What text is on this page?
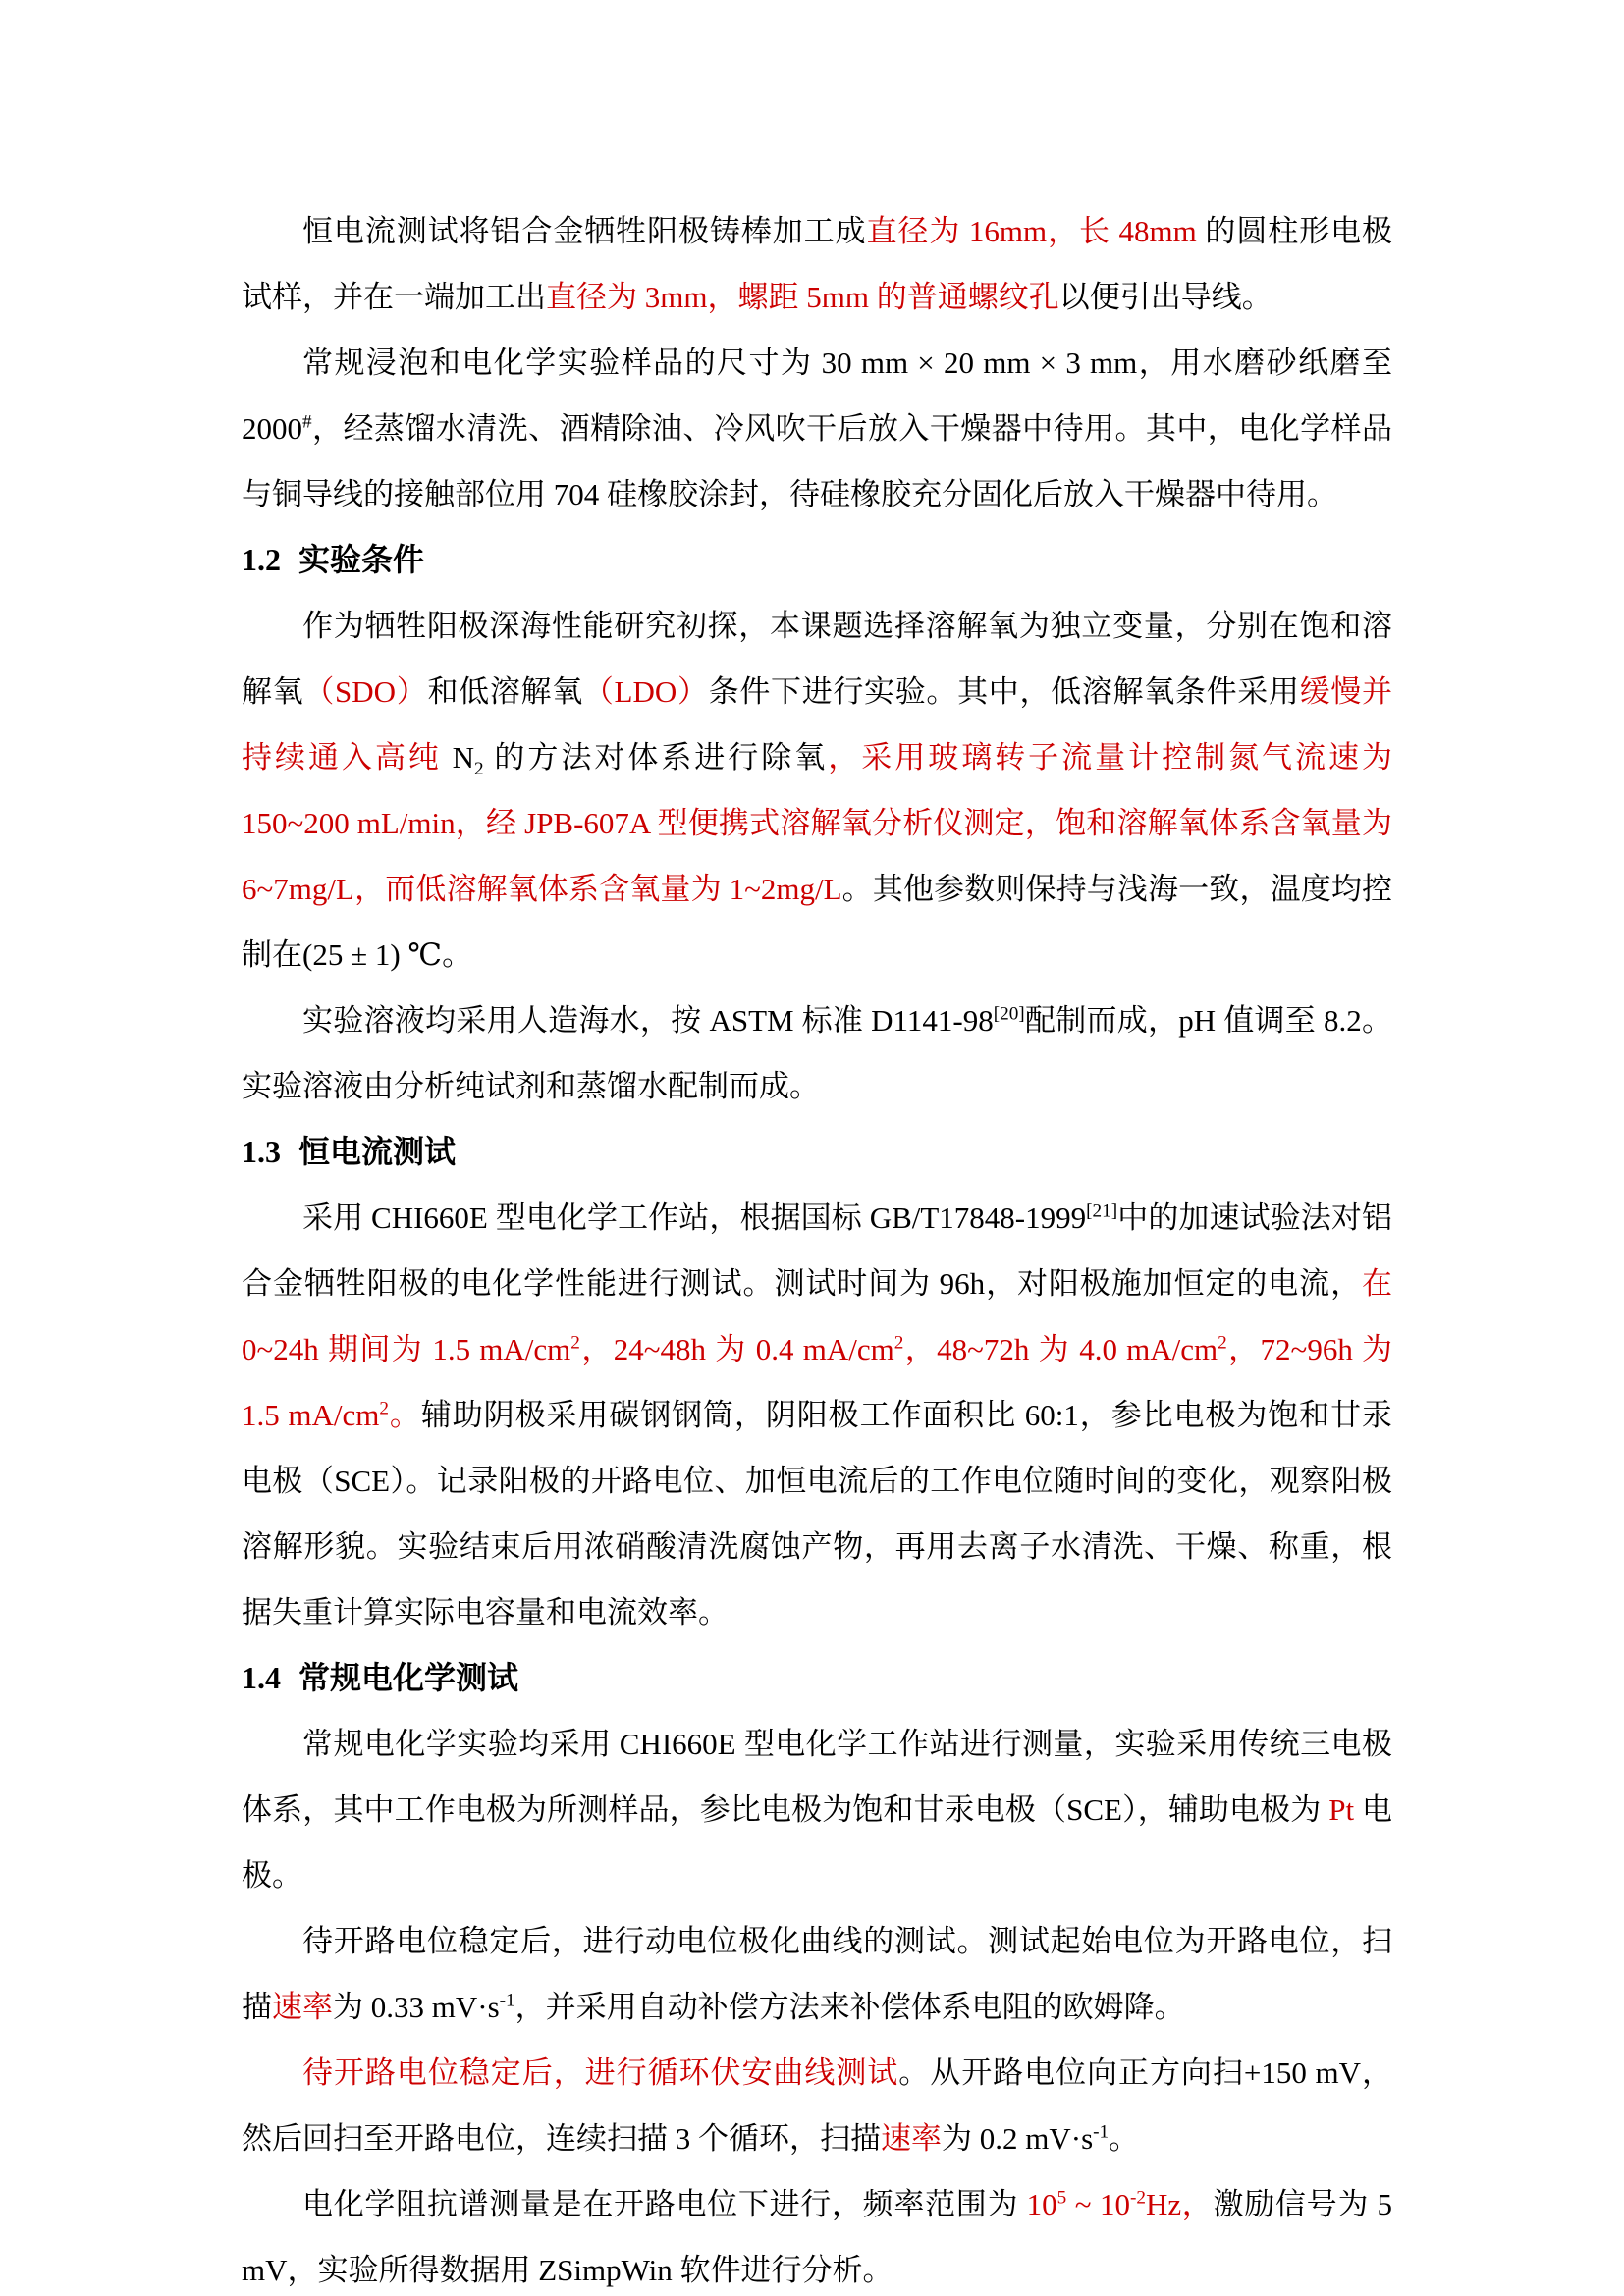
恒电流测试将铝合金牺牲阳极铸棒加工成直径为 16mm，长 48mm 的圆柱形电极试样，并在一端加工出直径为 3mm，螺距 5mm 的普通螺纹孔以便引出导线。

常规浸泡和电化学实验样品的尺寸为 30 mm × 20 mm × 3 mm，用水磨砂纸磨至 2000#，经蒸馏水清洗、酒精除油、冷风吹干后放入干燥器中待用。其中，电化学样品与铜导线的接触部位用 704 硅橡胶涂封，待硅橡胶充分固化后放入干燥器中待用。

1.2 实验条件

作为牺牲阳极深海性能研究初探，本课题选择溶解氧为独立变量，分别在饱和溶解氧（SDO）和低溶解氧（LDO）条件下进行实验。其中，低溶解氧条件采用缓慢并持续通入高纯 $N_2$ 的方法对体系进行除氧，采用玻璃转子流量计控制氮气流速为 150~200 mL/min，经 JPB-607A 型便携式溶解氧分析仪测定，饱和溶解氧体系含氧量为 6~7mg/L，而低溶解氧体系含氧量为 1~2mg/L。其他参数则保持与浅海一致，温度均控制在(25 ± 1) ℃。

实验溶液均采用人造海水，按 ASTM 标准 D1141-98[20]配制而成，pH 值调至 8.2。实验溶液由分析纯试剂和蒸馏水配制而成。

1.3 恒电流测试

采用 CHI660E 型电化学工作站，根据国标 GB/T17848-1999[21]中的加速试验法对铝合金牺牲阳极的电化学性能进行测试。测试时间为 96h，对阳极施加恒定的电流，在 0~24h 期间为 1.5 $mA/cm^2$，24~48h 为 0.4 $mA/cm^2$，48~72h 为 4.0 $mA/cm^2$，72~96h 为 1.5 $mA/cm^2$。辅助阴极采用碳钢钢筒，阴阳极工作面积比 60:1，参比电极为饱和甘汞电极（SCE）。记录阳极的开路电位、加恒电流后的工作电位随时间的变化，观察阳极溶解形貌。实验结束后用浓硝酸清洗腐蚀产物，再用去离子水清洗、干燥、称重，根据失重计算实际电容量和电流效率。

1.4 常规电化学测试

常规电化学实验均采用 CHI660E 型电化学工作站进行测量，实验采用传统三电极体系，其中工作电极为所测样品，参比电极为饱和甘汞电极（SCE），辅助电极为 Pt 电极。

待开路电位稳定后，进行动电位极化曲线的测试。测试起始电位为开路电位，扫描速率为 0.33 $mV\cdot s^{-1}$，并采用自动补偿方法来补偿体系电阻的欧姆降。

待开路电位稳定后，进行循环伏安曲线测试。从开路电位向正方向扫+150 mV，然后回扫至开路电位，连续扫描 3 个循环，扫描速率为 0.2 $mV\cdot s^{-1}$。

电化学阻抗谱测量是在开路电位下进行，频率范围为 $10^5$ ~ $10^{-2}Hz$，激励信号为 5 mV，实验所得数据用 ZSimpWin 软件进行分析。
